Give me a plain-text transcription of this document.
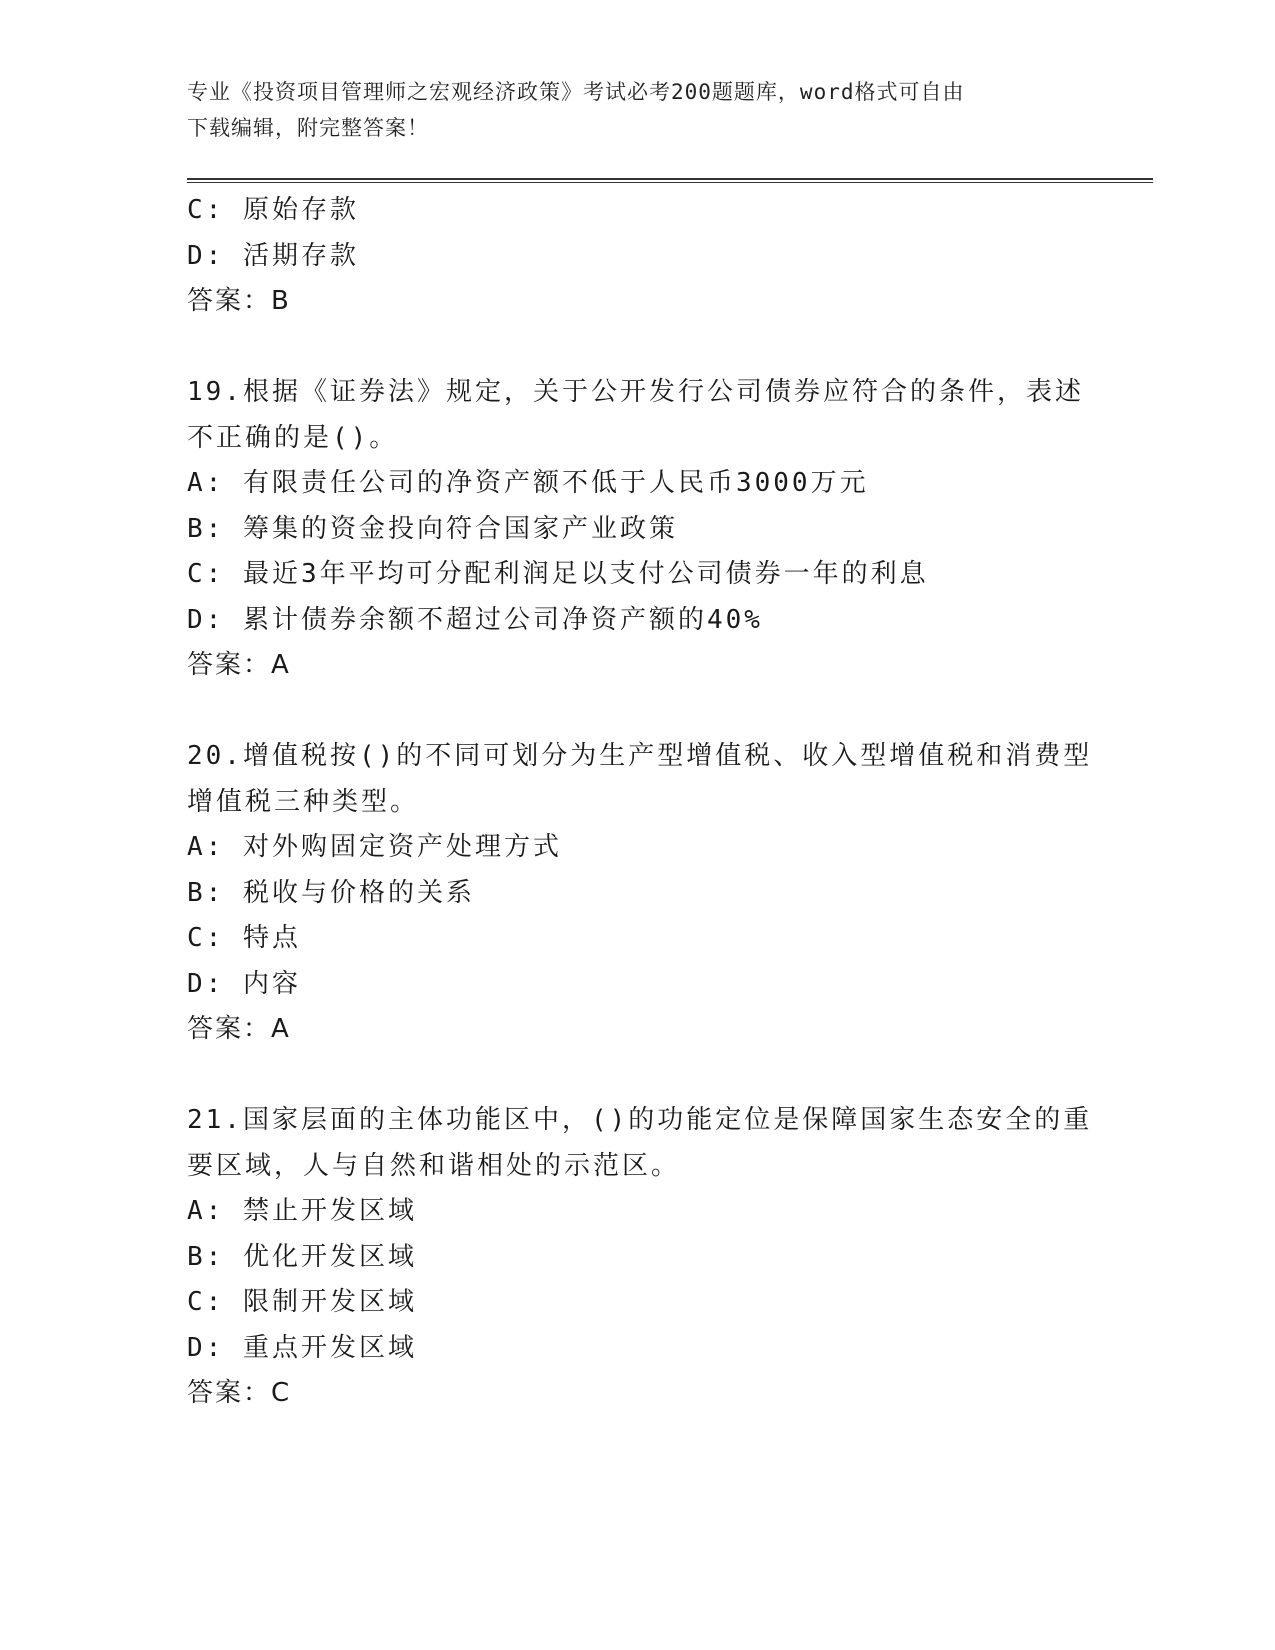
专业《投资项目管理师之宏观经济政策》考试必考200题题库，word格式可自由
下载编辑，附完整答案！
C: 原始存款
D: 活期存款
答案：B
19.根据《证券法》规定，关于公开发行公司债券应符合的条件，表述
不正确的是()。
A: 有限责任公司的净资产额不低于人民币3000万元
B: 筹集的资金投向符合国家产业政策
C: 最近3年平均可分配利润足以支付公司债券一年的利息
D: 累计债券余额不超过公司净资产额的40%
答案：A
20.增值税按()的不同可划分为生产型增值税、收入型增值税和消费型
增值税三种类型。
A: 对外购固定资产处理方式
B: 税收与价格的关系
C: 特点
D: 内容
答案：A
21.国家层面的主体功能区中，()的功能定位是保障国家生态安全的重
要区域，人与自然和谐相处的示范区。
A: 禁止开发区域
B: 优化开发区域
C: 限制开发区域
D: 重点开发区域
答案：C
